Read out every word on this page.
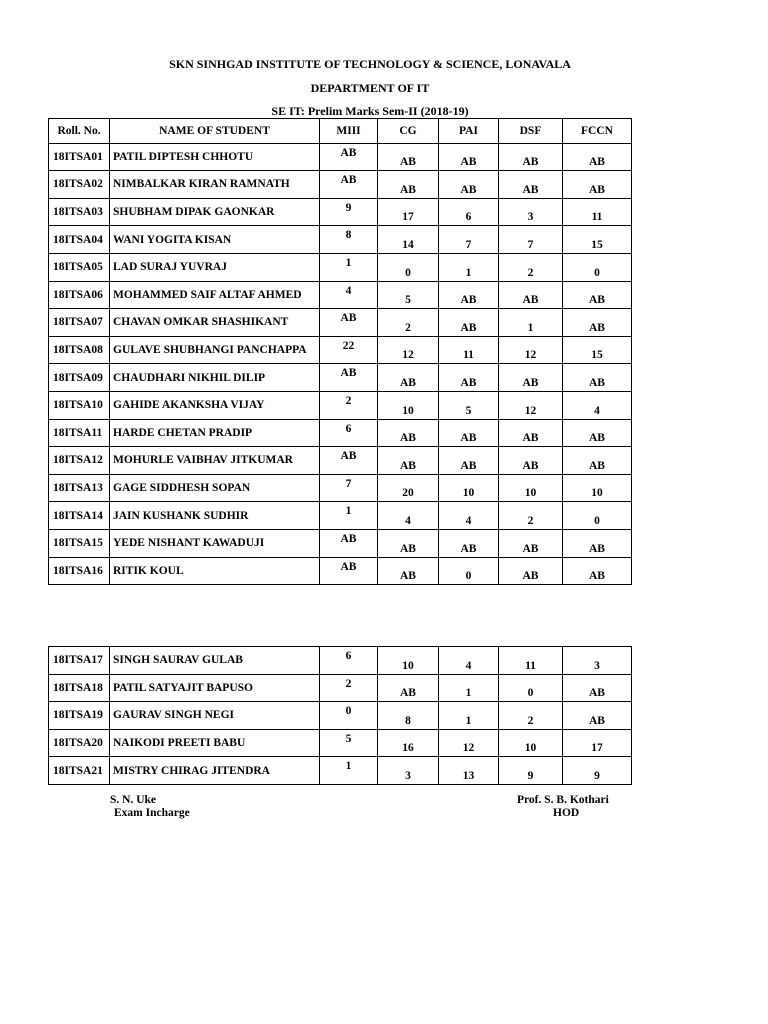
SKN SINHGAD INSTITUTE OF TECHNOLOGY & SCIENCE, LONAVALA
DEPARTMENT OF IT
SE IT: Prelim Marks Sem-II (2018-19)
Roll. No.	NAME OF STUDENT	MIII	CG	PAI	DSF	FCCN
18ITSA01	PATIL DIPTESH CHHOTU	AB	AB	AB	AB	AB
18ITSA02	NIMBALKAR KIRAN RAMNATH	AB	AB	AB	AB	AB
18ITSA03	SHUBHAM DIPAK GAONKAR	9	17	6	3	11
18ITSA04	WANI YOGITA KISAN	8	14	7	7	15
18ITSA05	LAD SURAJ YUVRAJ	1	0	1	2	0
18ITSA06	MOHAMMED SAIF ALTAF AHMED	4	5	AB	AB	AB
18ITSA07	CHAVAN OMKAR SHASHIKANT	AB	2	AB	1	AB
18ITSA08	GULAVE SHUBHANGI PANCHAPPA	22	12	11	12	15
18ITSA09	CHAUDHARI NIKHIL DILIP	AB	AB	AB	AB	AB
18ITSA10	GAHIDE AKANKSHA VIJAY	2	10	5	12	4
18ITSA11	HARDE CHETAN PRADIP	6	AB	AB	AB	AB
18ITSA12	MOHURLE VAIBHAV JITKUMAR	AB	AB	AB	AB	AB
18ITSA13	GAGE SIDDHESH SOPAN	7	20	10	10	10
18ITSA14	JAIN KUSHANK SUDHIR	1	4	4	2	0
18ITSA15	YEDE NISHANT KAWADUJI	AB	AB	AB	AB	AB
18ITSA16	RITIK KOUL	AB	AB	0	AB	AB
18ITSA17	SINGH SAURAV GULAB	6	10	4	11	3
18ITSA18	PATIL SATYAJIT BAPUSO	2	AB	1	0	AB
18ITSA19	GAURAV SINGH NEGI	0	8	1	2	AB
18ITSA20	NAIKODI PREETI BABU	5	16	12	10	17
18ITSA21	MISTRY CHIRAG JITENDRA	1	3	13	9	9
S. N. Uke
Exam Incharge
Prof. S. B. Kothari
HOD
